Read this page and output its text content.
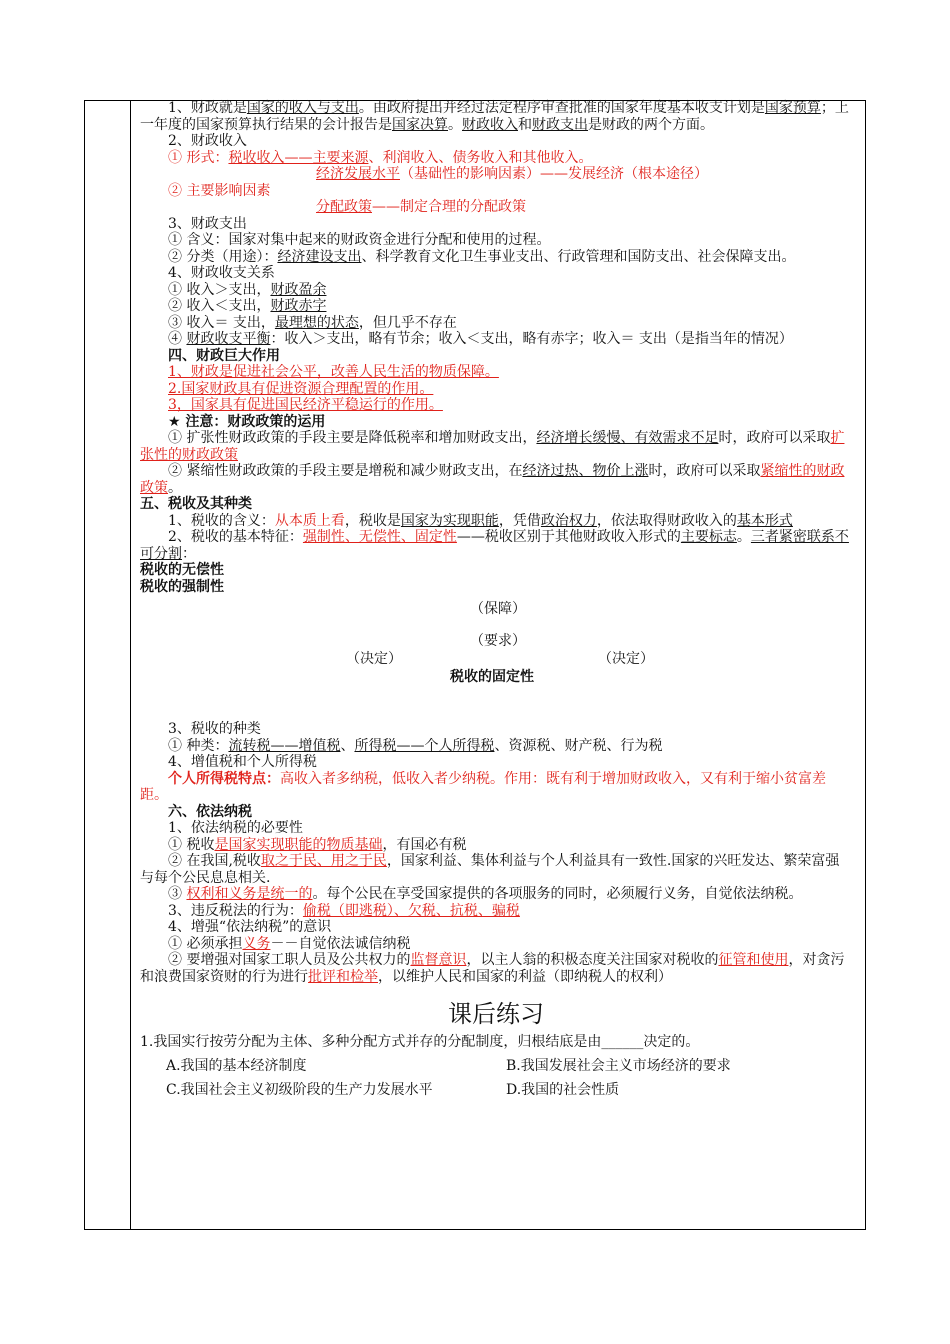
1、财政就是国家的收入与支出。由政府提出并经过法定程序审查批准的国家年度基本收支计划是国家预算；上一年度的国家预算执行结果的会计报告是国家决算。财政收入和财政支出是财政的两个方面。

2、财政收入

① 形式：税收收入——主要来源、利润收入、债务收入和其他收入。

经济发展水平（基础性的影响因素）——发展经济（根本途径）

② 主要影响因素

分配政策——制定合理的分配政策

3、财政支出

① 含义：国家对集中起来的财政资金进行分配和使用的过程。

② 分类（用途）：经济建设支出、科学教育文化卫生事业支出、行政管理和国防支出、社会保障支出。

4、财政收支关系

① 收入＞支出，财政盈余

② 收入＜支出，财政赤字

③ 收入＝ 支出，最理想的状态，但几乎不存在

④ 财政收支平衡：收入＞支出，略有节余；收入＜支出，略有赤字；收入＝ 支出（是指当年的情况）

四、财政巨大作用

1、财政是促进社会公平，改善人民生活的物质保障。

2.国家财政具有促进资源合理配置的作用。

3，国家具有促进国民经济平稳运行的作用。

★ 注意：财政政策的运用

① 扩张性财政政策的手段主要是降低税率和增加财政支出，经济增长缓慢、有效需求不足时，政府可以采取扩张性的财政政策

② 紧缩性财政政策的手段主要是增税和减少财政支出，在经济过热、物价上涨时，政府可以采取紧缩性的财政政策。

五、税收及其种类

1、税收的含义：从本质上看，税收是国家为实现职能，凭借政治权力，依法取得财政收入的基本形式

2、税收的基本特征：强制性、无偿性、固定性——税收区别于其他财政收入形式的主要标志。三者紧密联系不可分割：

税收的无偿性

税收的强制性

（保障）
（要求）
（决定）	（决定）
税收的固定性

3、税收的种类

① 种类：流转税——增值税、所得税——个人所得税、资源税、财产税、行为税

4、增值税和个人所得税

个人所得税特点：高收入者多纳税，低收入者少纳税。作用：既有利于增加财政收入，又有利于缩小贫富差距。

六、依法纳税

1、依法纳税的必要性

① 税收是国家实现职能的物质基础，有国必有税

② 在我国,税收取之于民、用之于民，国家利益、集体利益与个人利益具有一致性.国家的兴旺发达、繁荣富强与每个公民息息相关.

③ 权利和义务是统一的。每个公民在享受国家提供的各项服务的同时，必须履行义务，自觉依法纳税。

3、违反税法的行为：偷税（即逃税）、欠税、抗税、骗税

4、增强“依法纳税”的意识

① 必须承担义务－－自觉依法诚信纳税

② 要增强对国家工职人员及公共权力的监督意识，以主人翁的积极态度关注国家对税收的征管和使用，对贪污和浪费国家资财的行为进行批评和检举，以维护人民和国家的利益（即纳税人的权利）

课后练习

1.我国实行按劳分配为主体、多种分配方式并存的分配制度，归根结底是由______决定的。

A.我国的基本经济制度	B.我国发展社会主义市场经济的要求
C.我国社会主义初级阶段的生产力发展水平	D.我国的社会性质
